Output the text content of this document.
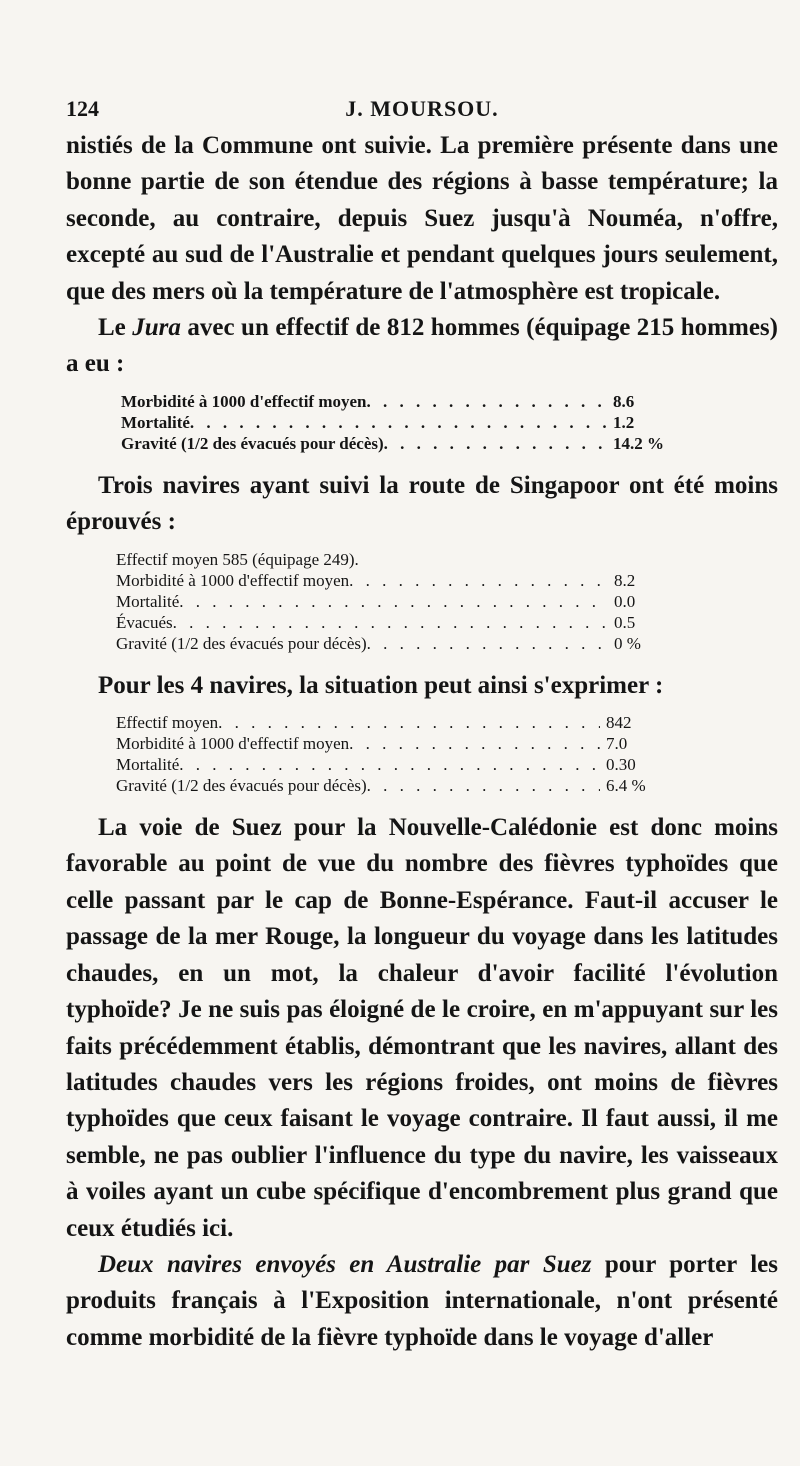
124	J. MOURSOU.

nistiés de la Commune ont suivie. La première présente dans une bonne partie de son étendue des régions à basse température; la seconde, au contraire, depuis Suez jusqu'à Nouméa, n'offre, excepté au sud de l'Australie et pendant quelques jours seulement, que des mers où la température de l'atmosphère est tropicale.

Le Jura avec un effectif de 812 hommes (équipage 215 hommes) a eu :

Morbidité à 1000 d'effectif moyen . . .	8.6
Mortalité . . .	1.2
Gravité (1/2 des évacués pour décès) . . .	14.2 %

Trois navires ayant suivi la route de Singapoor ont été moins éprouvés :

Effectif moyen 585 (équipage 249).
Morbidité à 1000 d'effectif moyen . . .	8.2
Mortalité . . .	0.0
Évacués . . .	0.5
Gravité (1/2 des évacués pour décès) . . .	0 %

Pour les 4 navires, la situation peut ainsi s'exprimer :

Effectif moyen . . .	842
Morbidité à 1000 d'effectif moyen . . .	7.0
Mortalité . . .	0.30
Gravité (1/2 des évacués pour décès) . . .	6.4 %

La voie de Suez pour la Nouvelle-Calédonie est donc moins favorable au point de vue du nombre des fièvres typhoïdes que celle passant par le cap de Bonne-Espérance. Faut-il accuser le passage de la mer Rouge, la longueur du voyage dans les latitudes chaudes, en un mot, la chaleur d'avoir facilité l'évolution typhoïde? Je ne suis pas éloigné de le croire, en m'appuyant sur les faits précédemment établis, démontrant que les navires, allant des latitudes chaudes vers les régions froides, ont moins de fièvres typhoïdes que ceux faisant le voyage contraire. Il faut aussi, il me semble, ne pas oublier l'influence du type du navire, les vaisseaux à voiles ayant un cube spécifique d'encombrement plus grand que ceux étudiés ici.

Deux navires envoyés en Australie par Suez pour porter les produits français à l'Exposition internationale, n'ont présenté comme morbidité de la fièvre typhoïde dans le voyage d'aller
